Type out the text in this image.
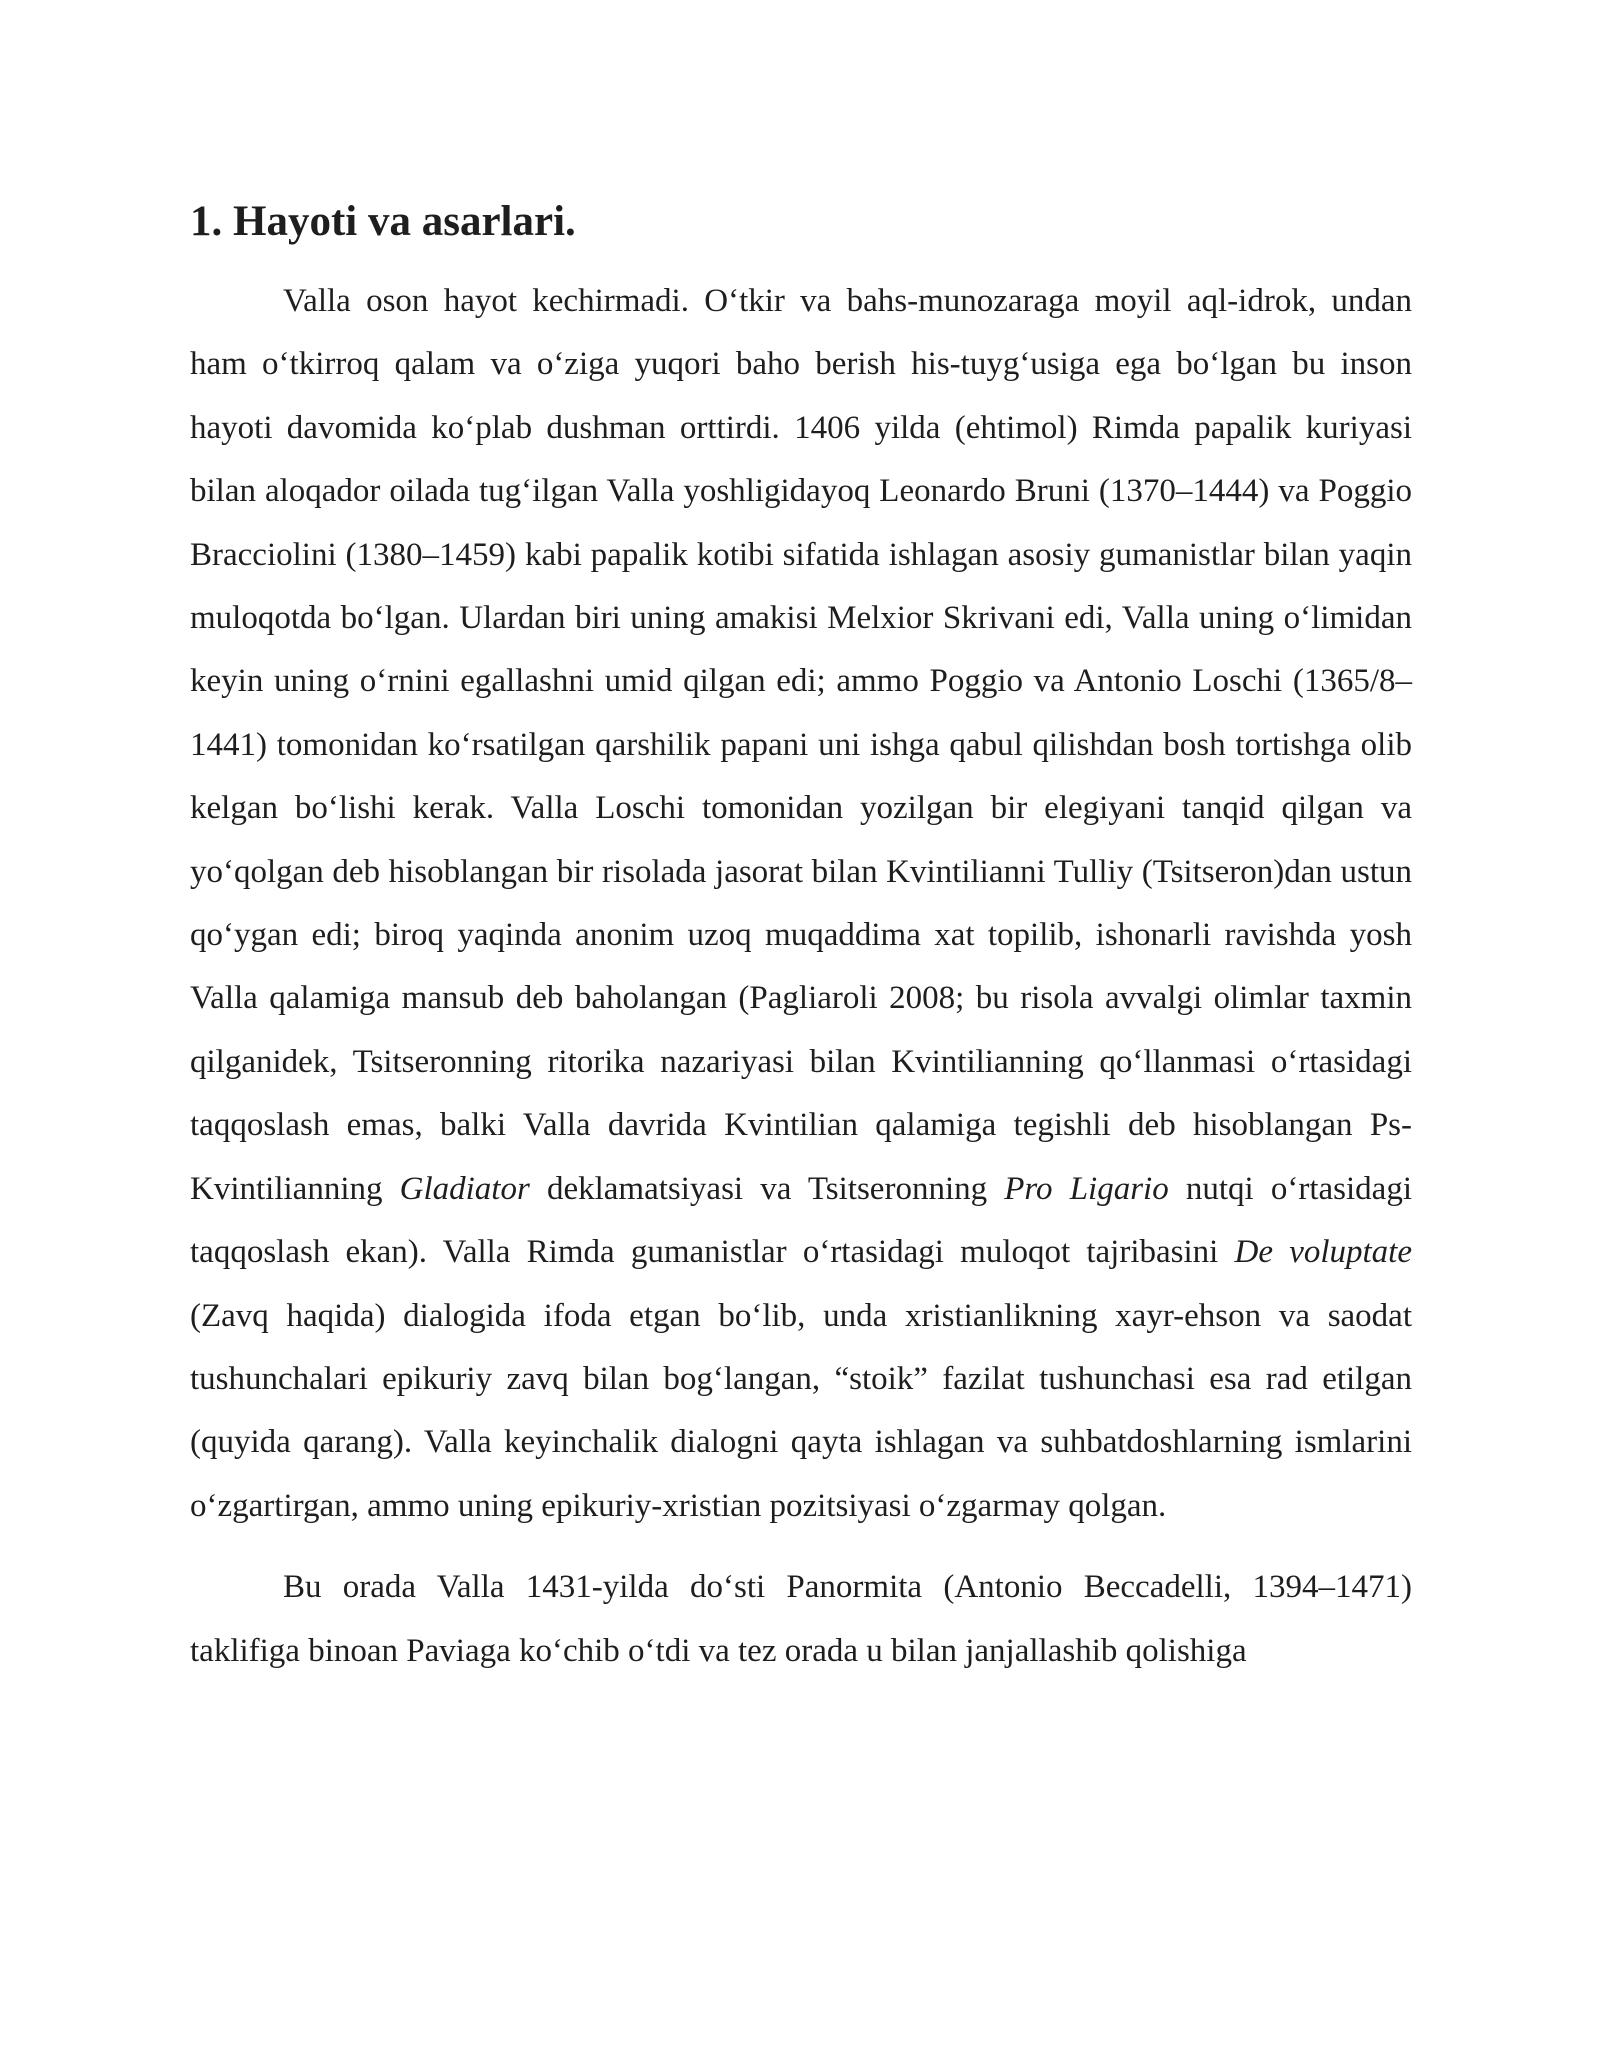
1. Hayoti va asarlari.

Valla oson hayot kechirmadi. O‘tkir va bahs-munozaraga moyil aql-idrok, undan ham o‘tkirroq qalam va o‘ziga yuqori baho berish his-tuyg‘usiga ega bo‘lgan bu inson hayoti davomida ko‘plab dushman orttirdi. 1406 yilda (ehtimol) Rimda papalik kuriyasi bilan aloqador oilada tug‘ilgan Valla yoshligidayoq Leonardo Bruni (1370–1444) va Poggio Bracciolini (1380–1459) kabi papalik kotibi sifatida ishlagan asosiy gumanistlar bilan yaqin muloqotda bo‘lgan. Ulardan biri uning amakisi Melxior Skrivani edi, Valla uning o‘limidan keyin uning o‘rnini egallashni umid qilgan edi; ammo Poggio va Antonio Loschi (1365/8–1441) tomonidan ko‘rsatilgan qarshilik papani uni ishga qabul qilishdan bosh tortishga olib kelgan bo‘lishi kerak. Valla Loschi tomonidan yozilgan bir elegiyani tanqid qilgan va yo‘qolgan deb hisoblangan bir risolada jasorat bilan Kvintilianni Tulliy (Tsitseron)dan ustun qo‘ygan edi; biroq yaqinda anonim uzoq muqaddima xat topilib, ishonarli ravishda yosh Valla qalamiga mansub deb baholangan (Pagliaroli 2008; bu risola avvalgi olimlar taxmin qilganidek, Tsitseronning ritorika nazariyasi bilan Kvintilianning qo‘llanmasi o‘rtasidagi taqqoslash emas, balki Valla davrida Kvintilian qalamiga tegishli deb hisoblangan Ps-Kvintilianning Gladiator deklamatsiyasi va Tsitseronning Pro Ligario nutqi o‘rtasidagi taqqoslash ekan). Valla Rimda gumanistlar o‘rtasidagi muloqot tajribasini De voluptate (Zavq haqida) dialogida ifoda etgan bo‘lib, unda xristianlikning xayr-ehson va saodat tushunchalari epikuriy zavq bilan bog‘langan, “stoik” fazilat tushunchasi esa rad etilgan (quyida qarang). Valla keyinchalik dialogni qayta ishlagan va suhbatdoshlarning ismlarini o‘zgartirgan, ammo uning epikuriy-xristian pozitsiyasi o‘zgarmay qolgan.

Bu orada Valla 1431-yilda do‘sti Panormita (Antonio Beccadelli, 1394–1471) taklifiga binoan Paviaga ko‘chib o‘tdi va tez orada u bilan janjallashib qolishiga
